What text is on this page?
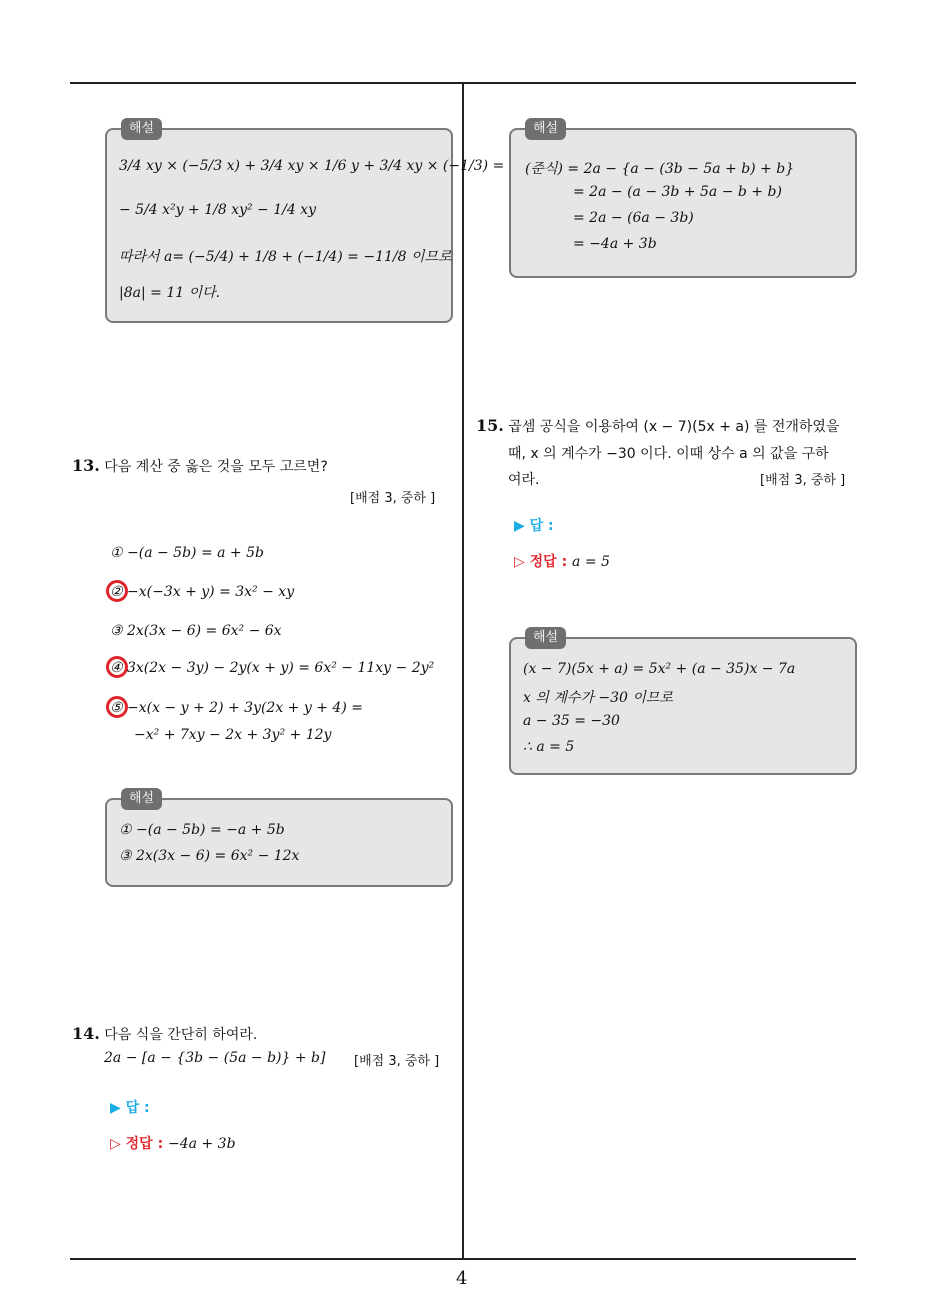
해설
3/4 xy × (−5/3 x) + 3/4 xy × 1/6 y + 3/4 xy × (−1/3) =
− 5/4 x²y + 1/8 xy² − 1/4 xy
따라서 a= (−5/4) + 1/8 + (−1/4) = −11/8 이므로
|8a| = 11 이다.
13. 다음 계산 중 옳은 것을 모두 고르면?
[배점 3, 중하 ]
① −(a − 5b) = a + 5b
② −x(−3x + y) = 3x² − xy
③ 2x(3x − 6) = 6x² − 6x
④ 3x(2x − 3y) − 2y(x + y) = 6x² − 11xy − 2y²
⑤ −x(x − y + 2) + 3y(2x + y + 4) =
−x² + 7xy − 2x + 3y² + 12y
해설
① −(a − 5b) = −a + 5b
③ 2x(3x − 6) = 6x² − 12x
14. 다음 식을 간단히 하여라.
2a − [a − {3b − (5a − b)} + b] [배점 3, 중하 ]
▶ 답 :
▷ 정답 : −4a + 3b
해설
(준식) = 2a − {a − (3b − 5a + b) + b}
= 2a − (a − 3b + 5a − b + b)
= 2a − (6a − 3b)
= −4a + 3b
15. 곱셈 공식을 이용하여 (x − 7)(5x + a) 를 전개하였을
때, x 의 계수가 −30 이다. 이때 상수 a 의 값을 구하
여라.	[배점 3, 중하 ]
▶ 답 :
▷ 정답 : a = 5
해설
(x − 7)(5x + a) = 5x² + (a − 35)x − 7a
x 의 계수가 −30 이므로
a − 35 = −30
∴ a = 5
4
